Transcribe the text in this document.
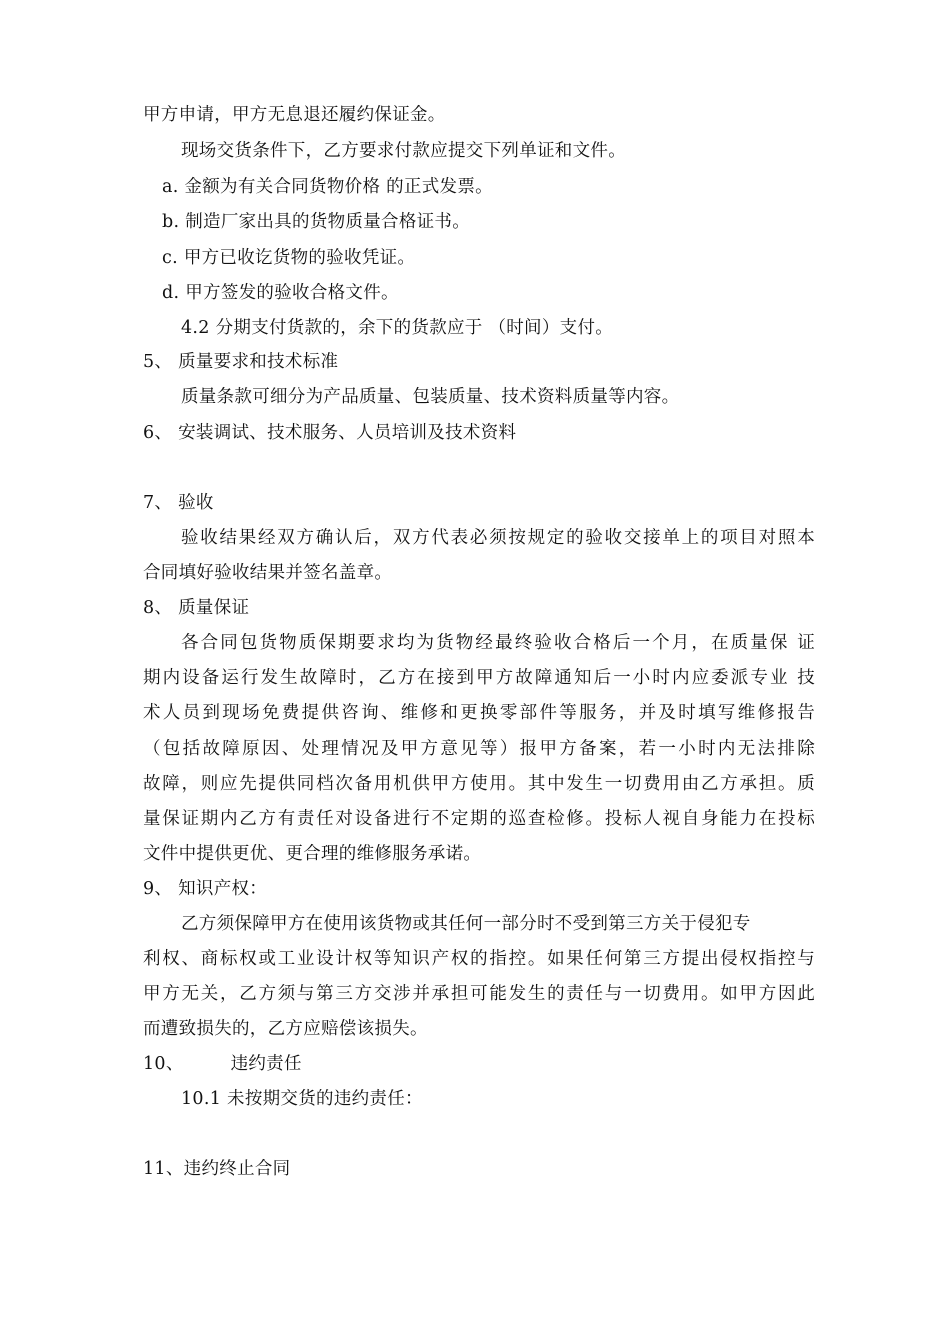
甲方申请，甲方无息退还履约保证金。
现场交货条件下，乙方要求付款应提交下列单证和文件。
a. 金额为有关合同货物价格 的正式发票。
b. 制造厂家出具的货物质量合格证书。
c. 甲方已收讫货物的验收凭证。
d. 甲方签发的验收合格文件。
4.2 分期支付货款的，余下的货款应于 （时间）支付。
5、 质量要求和技术标准
质量条款可细分为产品质量、包装质量、技术资料质量等内容。
6、 安装调试、技术服务、人员培训及技术资料
7、 验收
验收结果经双方确认后，双方代表必须按规定的验收交接单上的项目对照本
合同填好验收结果并签名盖章。
8、 质量保证
各合同包货物质保期要求均为货物经最终验收合格后一个月，在质量保 证
期内设备运行发生故障时，乙方在接到甲方故障通知后一小时内应委派专业 技
术人员到现场免费提供咨询、维修和更换零部件等服务，并及时填写维修报告
（包括故障原因、处理情况及甲方意见等）报甲方备案，若一小时内无法排除
故障，则应先提供同档次备用机供甲方使用。其中发生一切费用由乙方承担。质
量保证期内乙方有责任对设备进行不定期的巡查检修。投标人视自身能力在投标
文件中提供更优、更合理的维修服务承诺。
9、 知识产权：
乙方须保障甲方在使用该货物或其任何一部分时不受到第三方关于侵犯专
利权、商标权或工业设计权等知识产权的指控。如果任何第三方提出侵权指控与
甲方无关，乙方须与第三方交涉并承担可能发生的责任与一切费用。如甲方因此
而遭致损失的，乙方应赔偿该损失。
10、        违约责任
10.1 未按期交货的违约责任：
11、违约终止合同
